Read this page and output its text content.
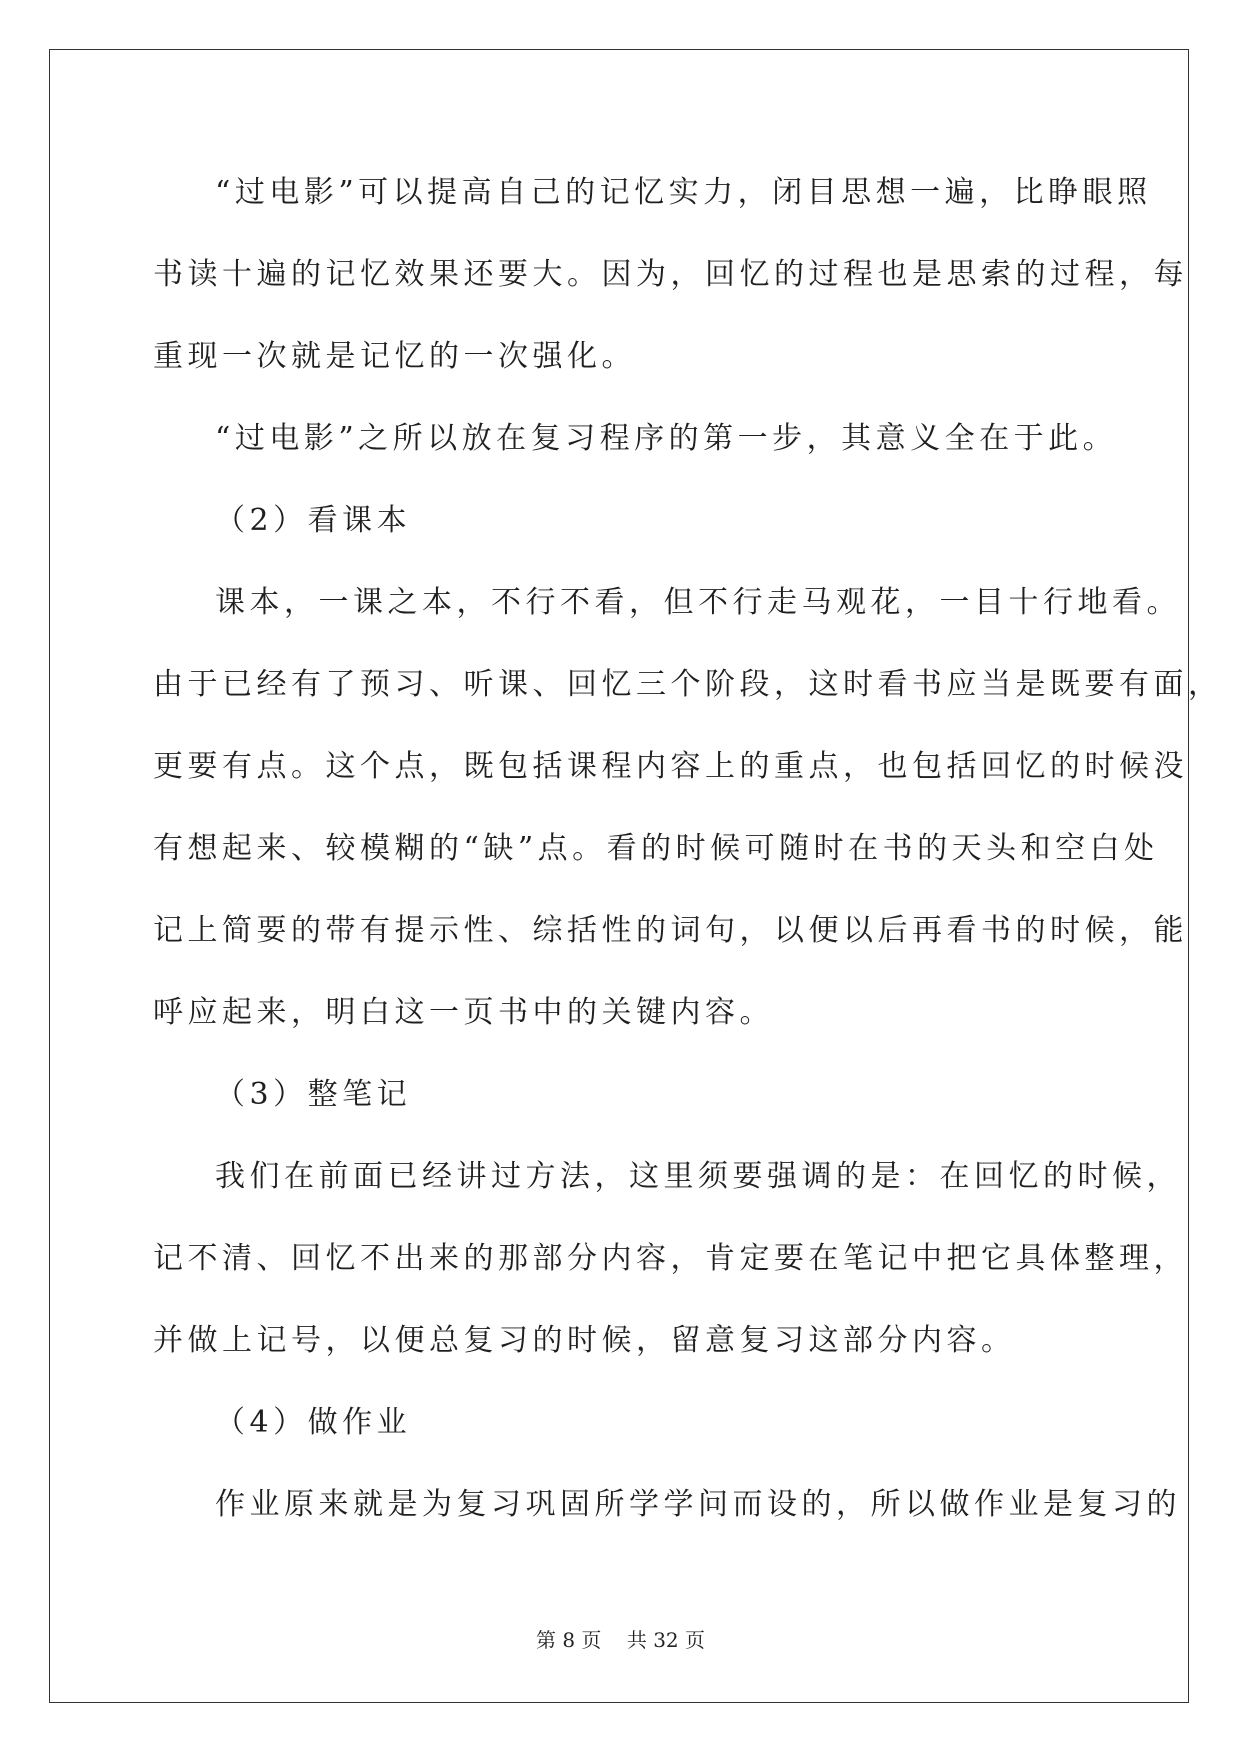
“过电影”可以提高自己的记忆实力，闭目思想一遍，比睁眼照
书读十遍的记忆效果还要大。因为，回忆的过程也是思索的过程，每
重现一次就是记忆的一次强化。
“过电影”之所以放在复习程序的第一步，其意义全在于此。
（2）看课本
课本，一课之本，不行不看，但不行走马观花，一目十行地看。
由于已经有了预习、听课、回忆三个阶段，这时看书应当是既要有面，
更要有点。这个点，既包括课程内容上的重点，也包括回忆的时候没
有想起来、较模糊的“缺”点。看的时候可随时在书的天头和空白处
记上简要的带有提示性、综括性的词句，以便以后再看书的时候，能
呼应起来，明白这一页书中的关键内容。
（3）整笔记
我们在前面已经讲过方法，这里须要强调的是：在回忆的时候，
记不清、回忆不出来的那部分内容，肯定要在笔记中把它具体整理，
并做上记号，以便总复习的时候，留意复习这部分内容。
（4）做作业
作业原来就是为复习巩固所学学问而设的，所以做作业是复习的
第 8 页    共 32 页
